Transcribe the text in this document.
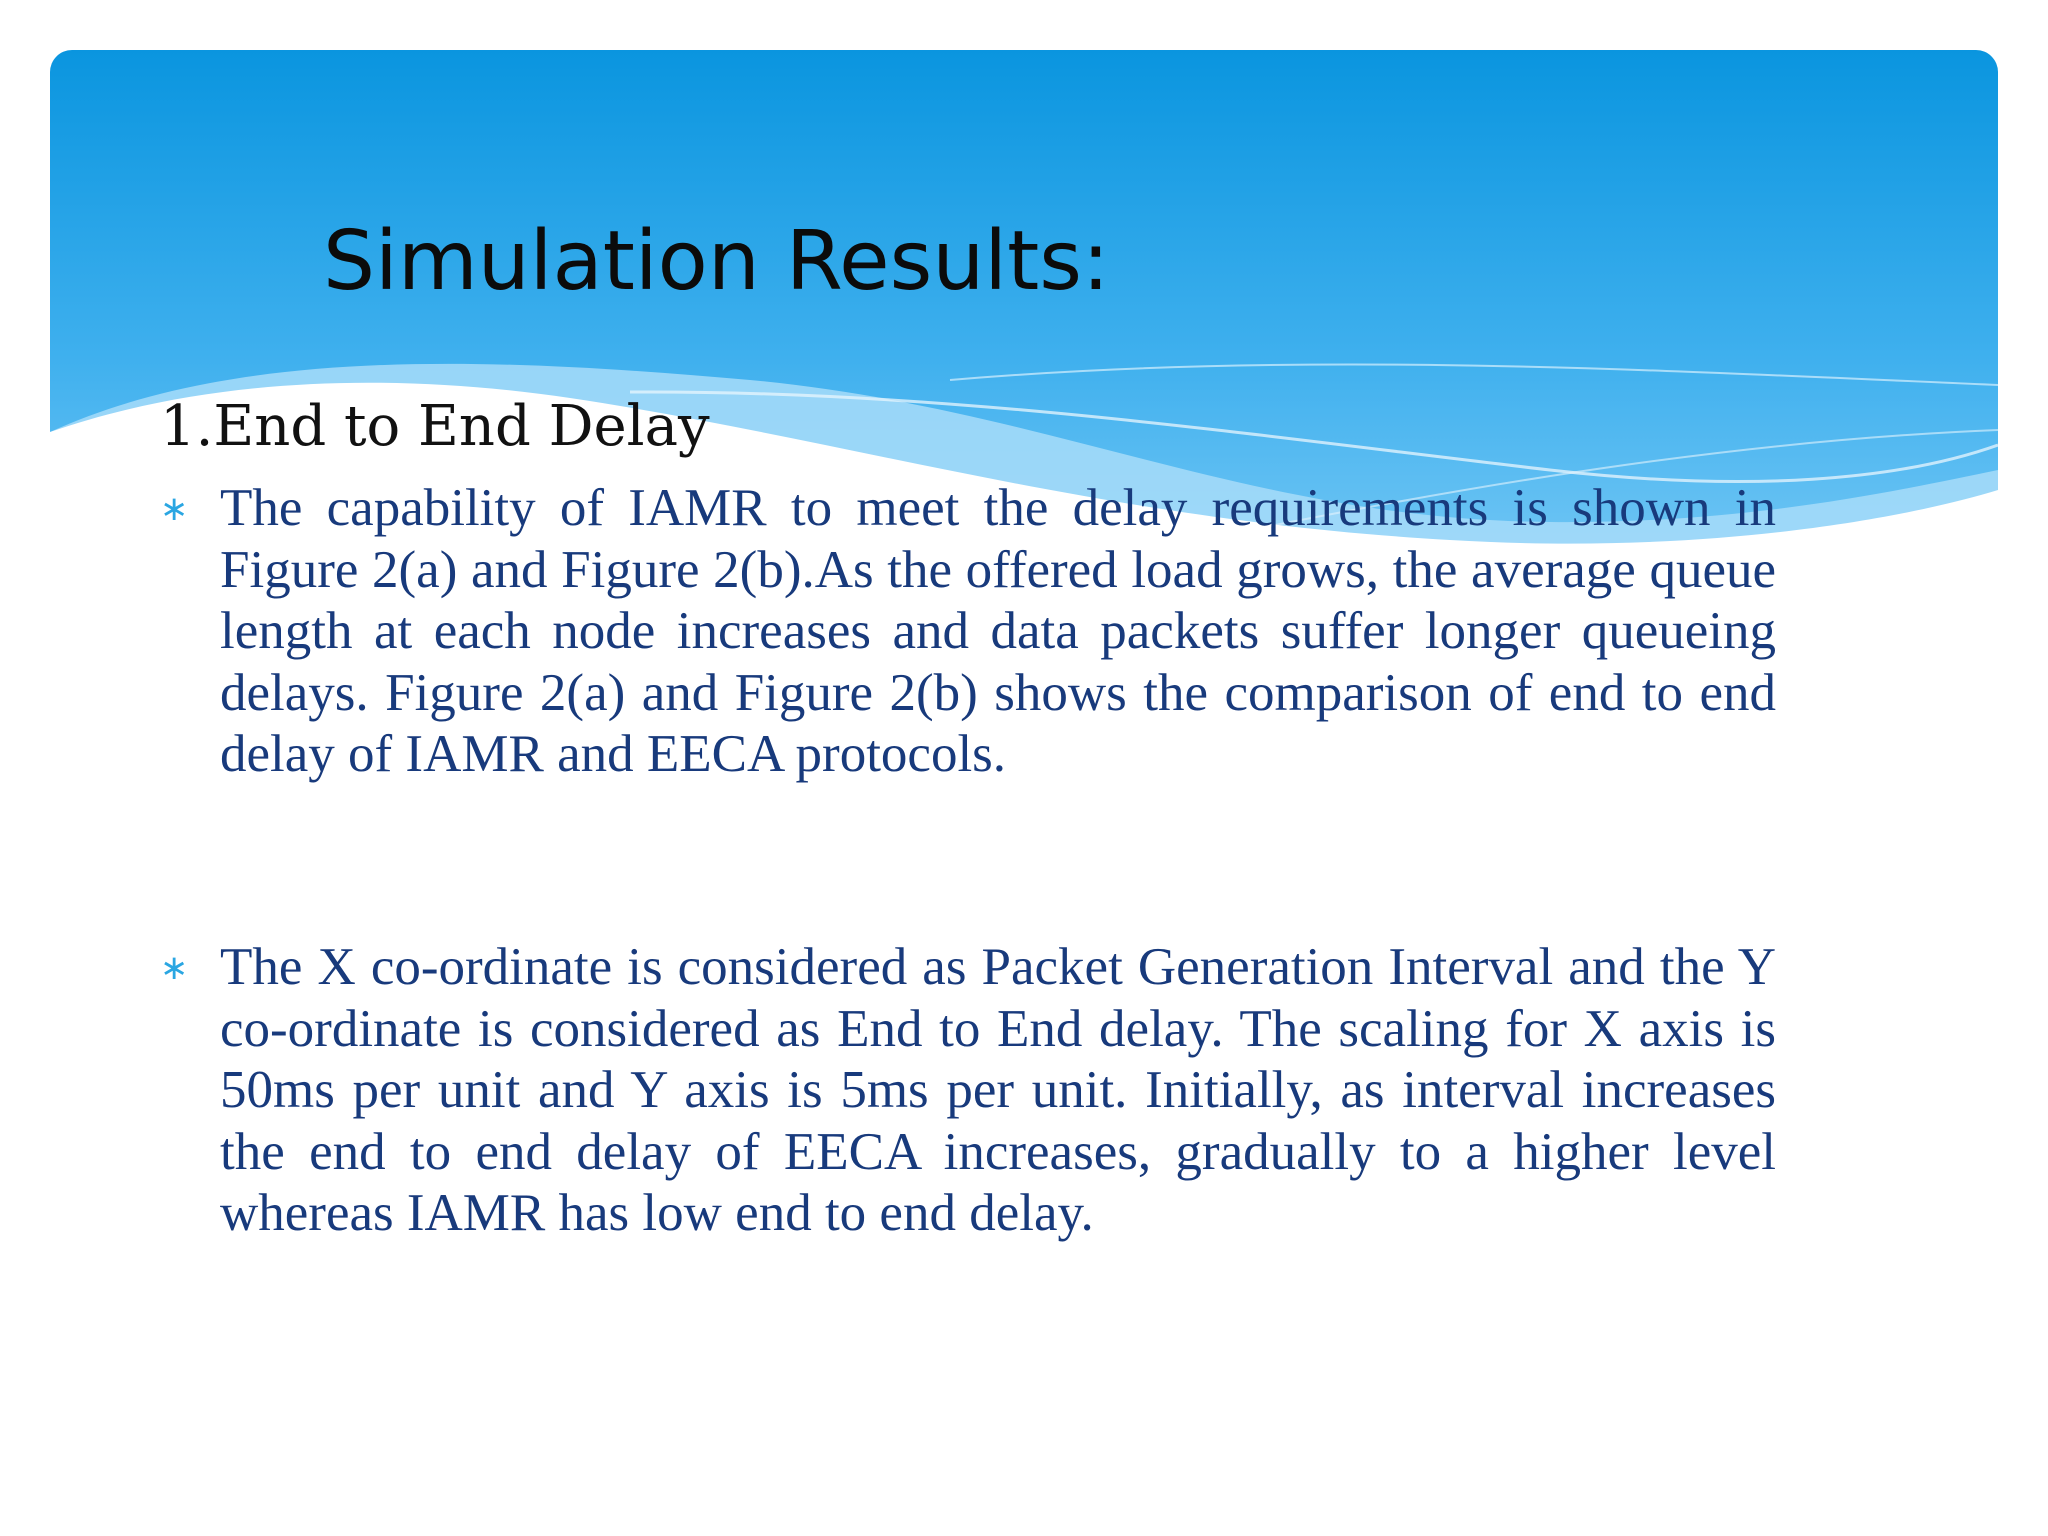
Simulation Results:
1.End to End Delay
∗ The capability of IAMR to meet the delay requirements is shown in Figure 2(a) and Figure 2(b).As the offered load grows, the average queue length at each node increases and data packets suffer longer queueing delays. Figure 2(a) and Figure 2(b) shows the comparison of end to end delay of IAMR and EECA protocols.

∗ The X co-ordinate is considered as Packet Generation Interval and the Y co-ordinate is considered as End to End delay. The scaling for X axis is 50ms per unit and Y axis is 5ms per unit. Initially, as interval increases the end to end delay of EECA increases, gradually to a higher level whereas IAMR has low end to end delay.
